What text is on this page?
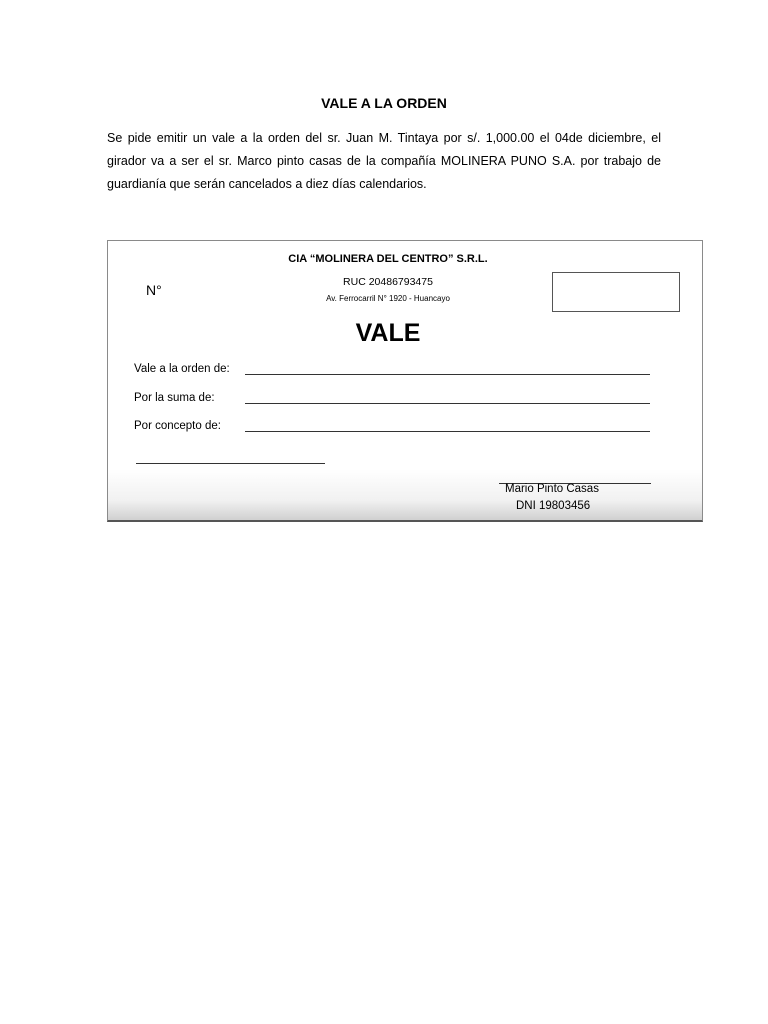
VALE A LA ORDEN

Se pide emitir un vale a la orden del sr. Juan M. Tintaya por s/. 1,000.00 el 04de diciembre, el girador va a ser el sr. Marco pinto casas de la compañía MOLINERA PUNO S.A. por trabajo de guardianía que serán cancelados a diez días calendarios.

CIA “MOLINERA DEL CENTRO” S.R.L.
RUC 20486793475
Av. Ferrocarril N° 1920 - Huancayo
N°
VALE
Vale a la orden de:
Por la suma de:
Por concepto de:
Mario Pinto Casas
DNI 19803456
